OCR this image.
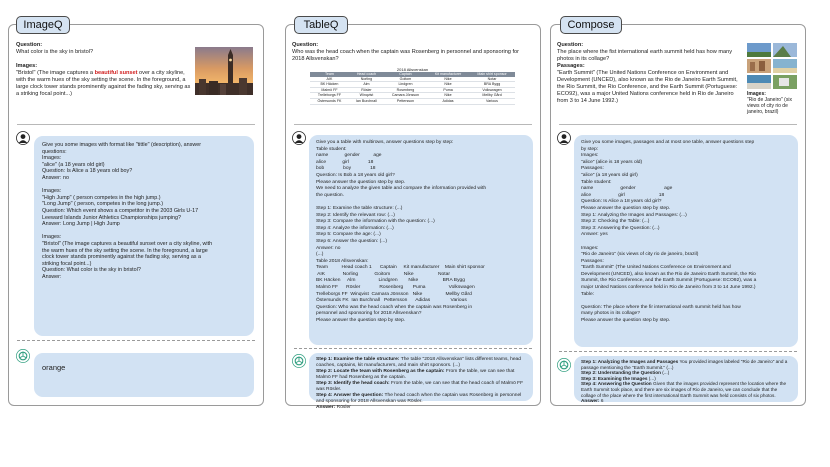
ImageQ
Question:
What color is the sky in bristol?
Images:
"Bristol" (The image captures a beautiful sunset over a city skyline, with the warm hues of the sky setting the scene. In the foreground, a large clock tower stands prominently against the fading sky, serving as a striking focal point...)
Give you some images with format like "tittle" (description), answer
questions:
Images:
"alice" (a 18 years old girl)
Question: Is Alice a 18 years old boy?
Answer: no
Images:
"High Jump" ( person competes in the high jump.)
"Long Jump" ( person, competes in the long jump.)
Question: Which event shows a competitor in the 2003 Girls U-17
Leeward Islands Junior Athletics Championships jumping?
Answer: Long Jump | High Jump
Images:
"Bristol" (The image captures a beautiful sunset over a city skyline, with
the warm hues of the sky setting the scene. In the foreground, a large
clock tower stands prominently against the fading sky, serving as a
striking focal point...)
Question: What color is the sky in bristol?
Answer:
orange
TableQ
Question:
Who was the head coach when the captain was Rosenberg in personnel and sponsoring for 2018 Allsvenskan?
2018 Allsvenskan
Team	Head coach	Captain	Kit manufacturer	Main shirt sponsor
AIK	Norling	Goitom	Nike	Notar
BK Häcken	Alm	Lindgren	Nike	BRA Bygg
Malmö FF	Rösler	Rosenberg	Puma	Volkswagen
Trelleborgs FF	Winqvist	Camara Jönsson	Nike	Mellby Gård
Östersunds FK	Ian Burchnall	Pettersson	Adidas	Various
Give you a table with multirows, answer questions step by step:
Table student:
name            gender          age
alice            girl              18
bob              boy              18
Question: Is Bob a 18 years old girl?
Please answer the question step by step.
We need to analyze the given table and compare the information provided with
the question.
Step 1: Examine the table structure: (...)
Step 2: Identify the relevant row: (...)
Step 3: Compare the information with the question: (...)
Step 4: Analyze the information: (...)
Step 5: Compare the age: (...)
Step 6: Answer the question: (...)
Answer: no
(...)
Table 2018 Allsvenskan:
Team          Head coach 1      Captain     Kit manufacturer    Main shirt sponsor
AIK             Norling            Goitom          Nike                  Notar
BK Häcken     Alm                 Lindgren        Nike                  BRA Bygg
Malmö FF      Rösler              Rosenberg       Puma                 Volkswagen
Trelleborgs FF  Winqvist  Camara Jönsson   Nike                 Mellby Gård
Östersunds FK  Ian Burchnall   Pettersson      Adidas               Various
Question: Who was the head coach when the captain was Rosenberg in
personnel and sponsoring for 2018 Allsvenskan?
Please answer the question step by step.
Step 1: Examine the table structure: The table "2018 Allsvenskan" lists different teams, head coaches, captains, kit manufacturers, and main shirt sponsors. (...)
Step 2: Locate the team with Rosenberg as the captain: From the table, we can see that Malmö FF had Rosenberg as the captain.
Step 3: Identify the head coach: From the table, we can see that the head coach of Malmö FF was Rösler.
Step 4: Answer the question: The head coach when the captain was Rosenberg in personnel and sponsoring for 2018 Allsvenskan was Rösler.
Answer: Rösler
Compose
Question:
The place where the fist international earth summit held has how many photos in its collage?
Passages:
"Earth Summit" (The United Nations Conference on Environment and Development (UNCED), also known as the Rio de Janeiro Earth Summit, the Rio Summit, the Rio Conference, and the Earth Summit (Portuguese: ECO92), was a major United Nations conference held in Rio de Janeiro from 3 to 14 June 1992.)
Images:
"Rio de Janeiro" (six views of city rio de janeiro, brazil)
Give you some images, passages and at most one table, answer questions step
by step:
Images:
"alice" (alice is 18 years old)
Passages:
"alice" (a 18 years old girl)
Table student:
name                    gender                     age
alice                    girl                         18
Question: Is Alice a 18 years old girl?
Please answer the question step by step.
Step 1: Analyzing the Images and Passages: (...)
Step 2: Checking the Table: (...)
Step 3: Answering the Question: (...)
Answer: yes
Images:
"Rio de Janeiro" (six views of city rio de janeiro, brazil)
Passages:
"Earth Summit" (The United Nations Conference on Environment and
Development (UNCED), also known as the Rio de Janeiro Earth Summit, the Rio
Summit, the Rio Conference, and the Earth Summit (Portuguese: ECO92), was a
major United Nations conference held in Rio de Janeiro from 3 to 14 June 1992.)
Table:
Question: The place where the fir international earth summit held has how
many photos in its collage?
Please answer the question step by step.
Step 1: Analyzing the Images and Passages You provided images labeled "Rio de Janeiro" and a passage mentioning the "Earth Summit." (...)
Step 2: Understanding the Question (...)
Step 3: Examining the Images (...)
Step 4: Answering the Question Given that the images provided represent the location where the Earth Summit took place, and there are six images of Rio de Janeiro, we can conclude that the collage of the place where the first international Earth Summit was held consists of six photos.
Answer: 6
